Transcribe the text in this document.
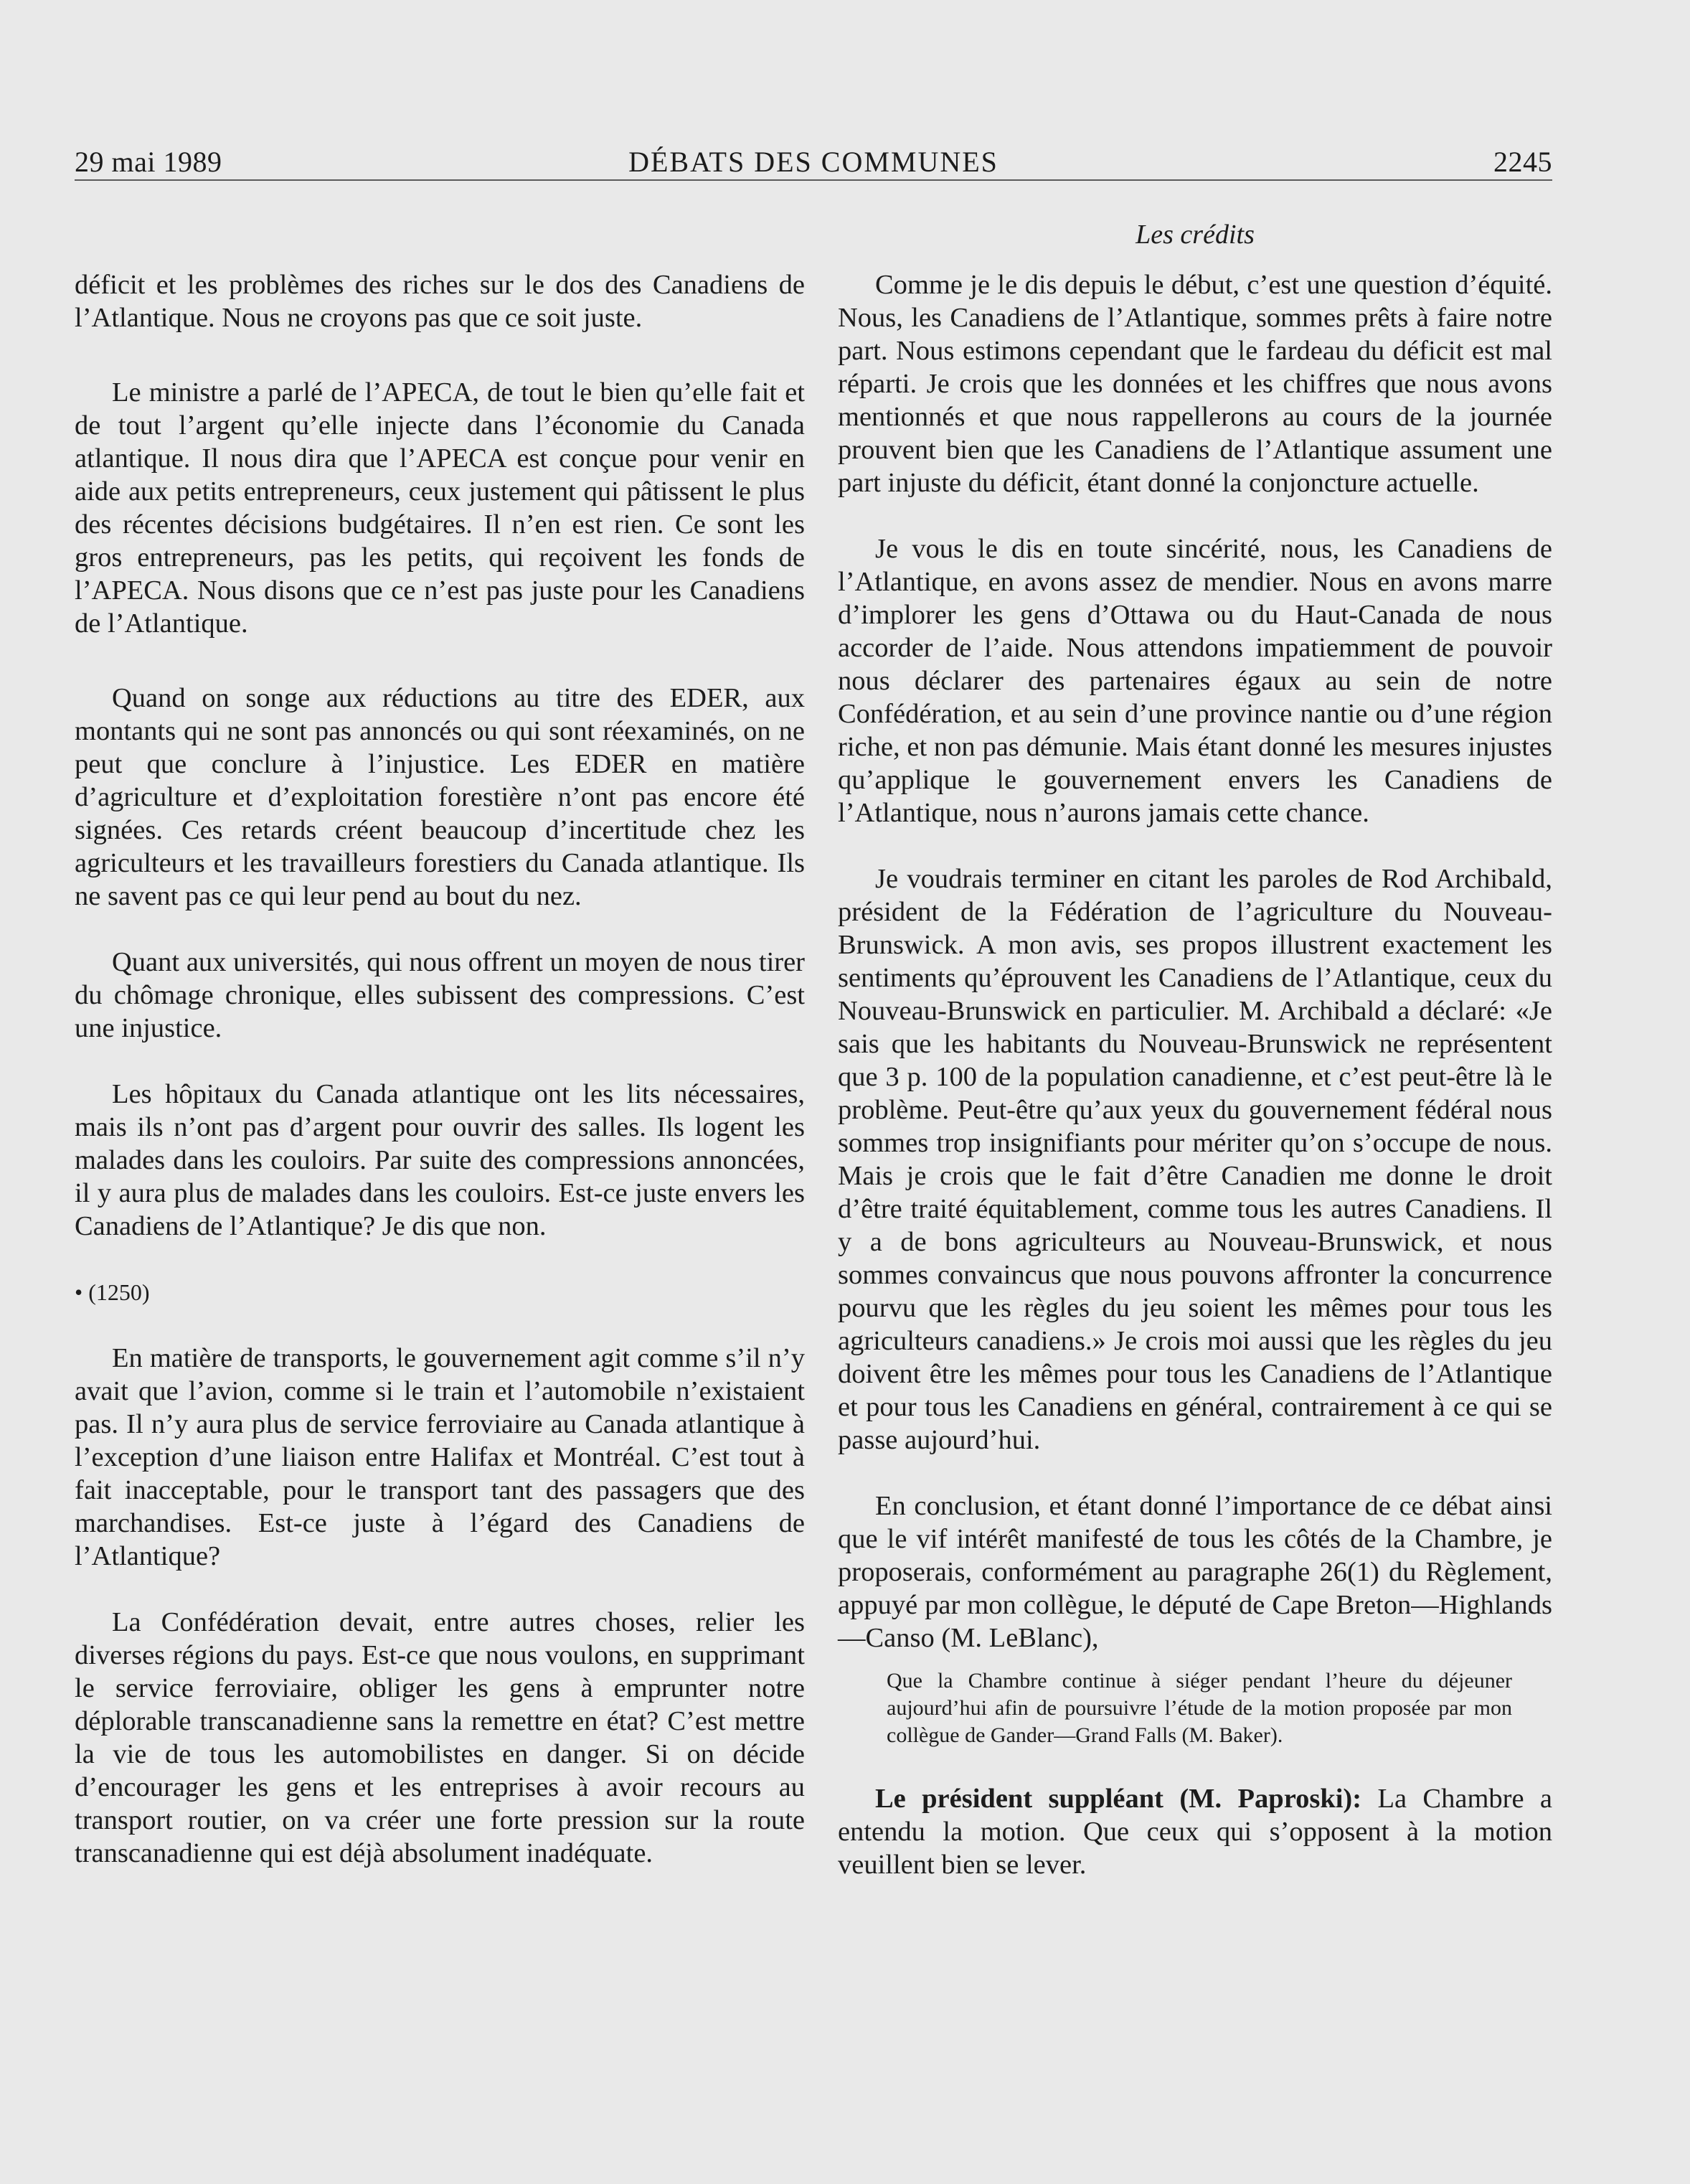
29 mai 1989	DÉBATS DES COMMUNES	2245
Les crédits

déficit et les problèmes des riches sur le dos des Canadiens de l’Atlantique. Nous ne croyons pas que ce soit juste.

Le ministre a parlé de l’APECA, de tout le bien qu’elle fait et de tout l’argent qu’elle injecte dans l’économie du Canada atlantique. Il nous dira que l’APECA est conçue pour venir en aide aux petits entrepreneurs, ceux justement qui pâtissent le plus des récentes décisions budgétaires. Il n’en est rien. Ce sont les gros entrepreneurs, pas les petits, qui reçoivent les fonds de l’APECA. Nous disons que ce n’est pas juste pour les Canadiens de l’Atlantique.

Quand on songe aux réductions au titre des EDER, aux montants qui ne sont pas annoncés ou qui sont réexaminés, on ne peut que conclure à l’injustice. Les EDER en matière d’agriculture et d’exploitation forestière n’ont pas encore été signées. Ces retards créent beaucoup d’incertitude chez les agriculteurs et les travailleurs forestiers du Canada atlantique. Ils ne savent pas ce qui leur pend au bout du nez.

Quant aux universités, qui nous offrent un moyen de nous tirer du chômage chronique, elles subissent des compressions. C’est une injustice.

Les hôpitaux du Canada atlantique ont les lits nécessaires, mais ils n’ont pas d’argent pour ouvrir des salles. Ils logent les malades dans les couloirs. Par suite des compressions annoncées, il y aura plus de malades dans les couloirs. Est-ce juste envers les Canadiens de l’Atlantique? Je dis que non.

• (1250)

En matière de transports, le gouvernement agit comme s’il n’y avait que l’avion, comme si le train et l’automobile n’existaient pas. Il n’y aura plus de service ferroviaire au Canada atlantique à l’exception d’une liaison entre Halifax et Montréal. C’est tout à fait inacceptable, pour le transport tant des passagers que des marchandises. Est-ce juste à l’égard des Canadiens de l’Atlantique?

La Confédération devait, entre autres choses, relier les diverses régions du pays. Est-ce que nous voulons, en supprimant le service ferroviaire, obliger les gens à emprunter notre déplorable transcanadienne sans la remettre en état? C’est mettre la vie de tous les automobilistes en danger. Si on décide d’encourager les gens et les entreprises à avoir recours au transport routier, on va créer une forte pression sur la route transcanadienne qui est déjà absolument inadéquate.

Comme je le dis depuis le début, c’est une question d’équité. Nous, les Canadiens de l’Atlantique, sommes prêts à faire notre part. Nous estimons cependant que le fardeau du déficit est mal réparti. Je crois que les données et les chiffres que nous avons mentionnés et que nous rappellerons au cours de la journée prouvent bien que les Canadiens de l’Atlantique assument une part injuste du déficit, étant donné la conjoncture actuelle.

Je vous le dis en toute sincérité, nous, les Canadiens de l’Atlantique, en avons assez de mendier. Nous en avons marre d’implorer les gens d’Ottawa ou du Haut-Canada de nous accorder de l’aide. Nous attendons impatiemment de pouvoir nous déclarer des partenaires égaux au sein de notre Confédération, et au sein d’une province nantie ou d’une région riche, et non pas démunie. Mais étant donné les mesures injustes qu’applique le gouvernement envers les Canadiens de l’Atlantique, nous n’aurons jamais cette chance.

Je voudrais terminer en citant les paroles de Rod Archibald, président de la Fédération de l’agriculture du Nouveau-Brunswick. A mon avis, ses propos illustrent exactement les sentiments qu’éprouvent les Canadiens de l’Atlantique, ceux du Nouveau-Brunswick en particulier. M. Archibald a déclaré: «Je sais que les habitants du Nouveau-Brunswick ne représentent que 3 p. 100 de la population canadienne, et c’est peut-être là le problème. Peut-être qu’aux yeux du gouvernement fédéral nous sommes trop insignifiants pour mériter qu’on s’occupe de nous. Mais je crois que le fait d’être Canadien me donne le droit d’être traité équitablement, comme tous les autres Canadiens. Il y a de bons agriculteurs au Nouveau-Brunswick, et nous sommes convaincus que nous pouvons affronter la concurrence pourvu que les règles du jeu soient les mêmes pour tous les agriculteurs canadiens.» Je crois moi aussi que les règles du jeu doivent être les mêmes pour tous les Canadiens de l’Atlantique et pour tous les Canadiens en général, contrairement à ce qui se passe aujourd’hui.

En conclusion, et étant donné l’importance de ce débat ainsi que le vif intérêt manifesté de tous les côtés de la Chambre, je proposerais, conformément au paragraphe 26(1) du Règlement, appuyé par mon collègue, le député de Cape Breton—Highlands—Canso (M. LeBlanc),

Que la Chambre continue à siéger pendant l’heure du déjeuner aujourd’hui afin de poursuivre l’étude de la motion proposée par mon collègue de Gander—Grand Falls (M. Baker).

Le président suppléant (M. Paproski): La Chambre a entendu la motion. Que ceux qui s’opposent à la motion veuillent bien se lever.
